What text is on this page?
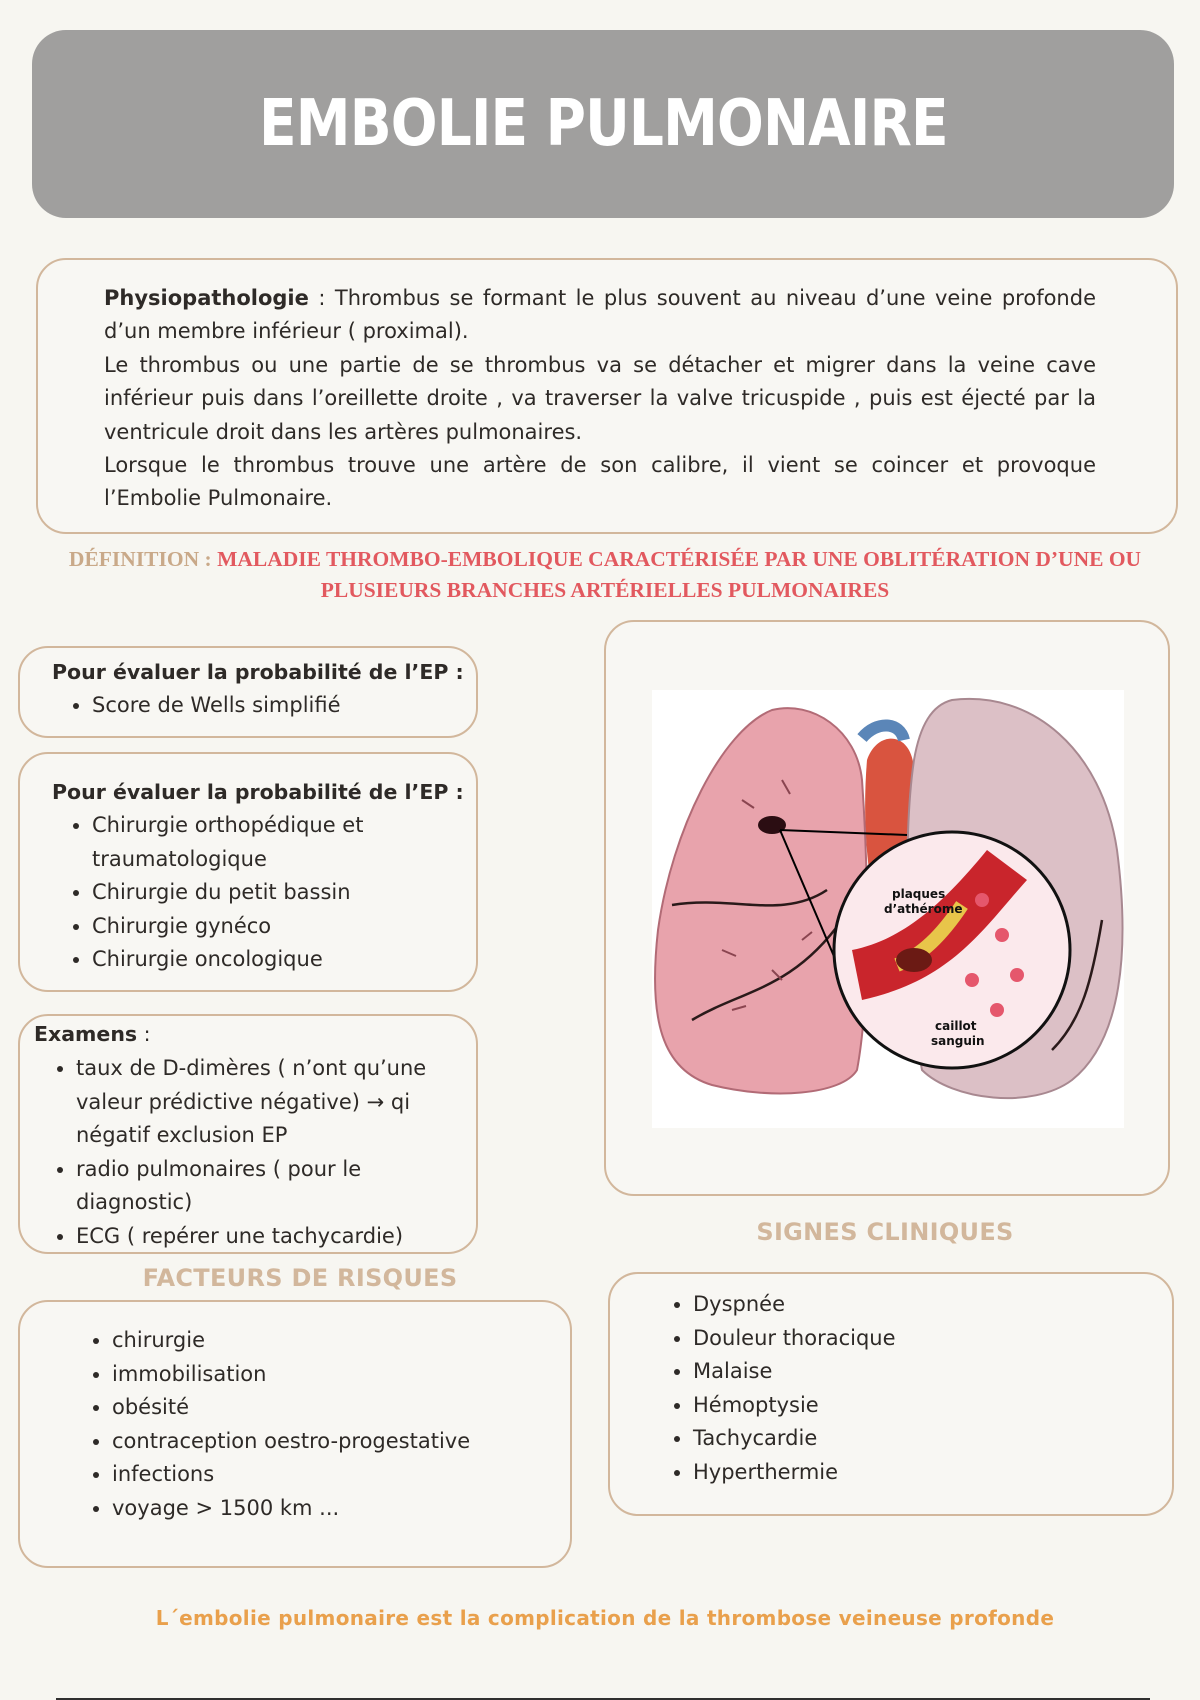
EMBOLIE PULMONAIRE

Physiopathologie : Thrombus se formant le plus souvent au niveau d’une veine profonde d’un membre inférieur ( proximal).

Le thrombus ou une partie de se thrombus va se détacher et migrer dans la veine cave inférieur puis dans l’oreillette droite , va traverser la valve tricuspide , puis est éjecté par la ventricule droit dans les artères pulmonaires.

Lorsque le thrombus trouve une artère de son calibre, il vient se coincer et provoque l’Embolie Pulmonaire.

DÉFINITION : MALADIE THROMBO-EMBOLIQUE CARACTÉRISÉE PAR UNE OBLITÉRATION D’UNE OU PLUSIEURS BRANCHES ARTÉRIELLES PULMONAIRES

Pour évaluer la probabilité de l’EP :

• Score de Wells simplifié

Pour évaluer la probabilité de l’EP :

• Chirurgie orthopédique et traumatologique
• Chirurgie du petit bassin
• Chirurgie gynéco
• Chirurgie oncologique

Examens :

• taux de D-dimères ( n’ont qu’une valeur prédictive négative) → qi négatif exclusion EP
• radio pulmonaires ( pour le diagnostic)
• ECG ( repérer une tachycardie)
plaques
d’athérome
caillot
sanguin
SIGNES CLINIQUES
• Dyspnée
• Douleur thoracique
• Malaise
• Hémoptysie
• Tachycardie
• Hyperthermie
FACTEURS DE RISQUES
• chirurgie
• immobilisation
• obésité
• contraception oestro-progestative
• infections
• voyage > 1500 km ...
L´embolie pulmonaire est la complication de la thrombose veineuse profonde
